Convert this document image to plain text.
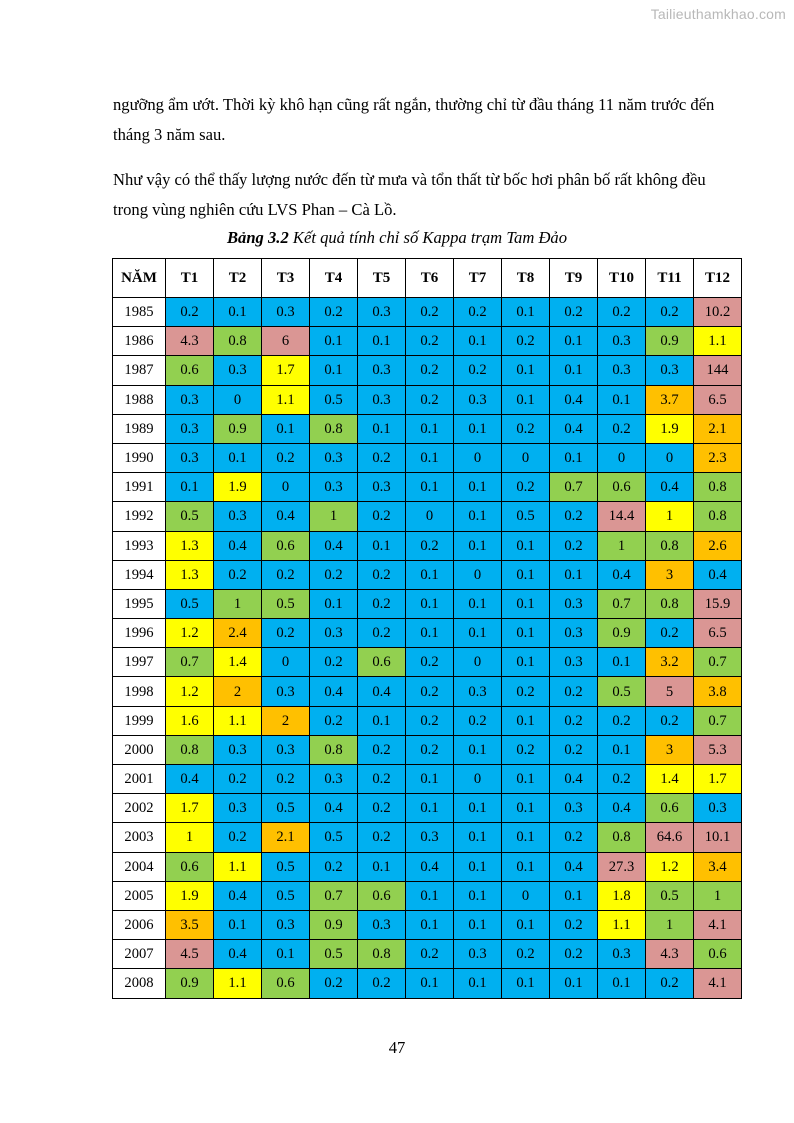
Tailieuthamkhao.com

ngưỡng ẩm ướt. Thời kỳ khô hạn cũng rất ngắn, thường chỉ từ đầu tháng 11 năm trước đến tháng 3 năm sau.

Như vậy có thể thấy lượng nước đến từ mưa và tổn thất từ bốc hơi phân bố rất không đều trong vùng nghiên cứu LVS Phan – Cà Lồ.

Bảng 3.2 Kết quả tính chỉ số Kappa trạm Tam Đảo
NĂM	T1	T2	T3	T4	T5	T6	T7	T8	T9	T10	T11	T12
1985	0.2	0.1	0.3	0.2	0.3	0.2	0.2	0.1	0.2	0.2	0.2	10.2
1986	4.3	0.8	6	0.1	0.1	0.2	0.1	0.2	0.1	0.3	0.9	1.1
1987	0.6	0.3	1.7	0.1	0.3	0.2	0.2	0.1	0.1	0.3	0.3	144
1988	0.3	0	1.1	0.5	0.3	0.2	0.3	0.1	0.4	0.1	3.7	6.5
1989	0.3	0.9	0.1	0.8	0.1	0.1	0.1	0.2	0.4	0.2	1.9	2.1
1990	0.3	0.1	0.2	0.3	0.2	0.1	0	0	0.1	0	0	2.3
1991	0.1	1.9	0	0.3	0.3	0.1	0.1	0.2	0.7	0.6	0.4	0.8
1992	0.5	0.3	0.4	1	0.2	0	0.1	0.5	0.2	14.4	1	0.8
1993	1.3	0.4	0.6	0.4	0.1	0.2	0.1	0.1	0.2	1	0.8	2.6
1994	1.3	0.2	0.2	0.2	0.2	0.1	0	0.1	0.1	0.4	3	0.4
1995	0.5	1	0.5	0.1	0.2	0.1	0.1	0.1	0.3	0.7	0.8	15.9
1996	1.2	2.4	0.2	0.3	0.2	0.1	0.1	0.1	0.3	0.9	0.2	6.5
1997	0.7	1.4	0	0.2	0.6	0.2	0	0.1	0.3	0.1	3.2	0.7
1998	1.2	2	0.3	0.4	0.4	0.2	0.3	0.2	0.2	0.5	5	3.8
1999	1.6	1.1	2	0.2	0.1	0.2	0.2	0.1	0.2	0.2	0.2	0.7
2000	0.8	0.3	0.3	0.8	0.2	0.2	0.1	0.2	0.2	0.1	3	5.3
2001	0.4	0.2	0.2	0.3	0.2	0.1	0	0.1	0.4	0.2	1.4	1.7
2002	1.7	0.3	0.5	0.4	0.2	0.1	0.1	0.1	0.3	0.4	0.6	0.3
2003	1	0.2	2.1	0.5	0.2	0.3	0.1	0.1	0.2	0.8	64.6	10.1
2004	0.6	1.1	0.5	0.2	0.1	0.4	0.1	0.1	0.4	27.3	1.2	3.4
2005	1.9	0.4	0.5	0.7	0.6	0.1	0.1	0	0.1	1.8	0.5	1
2006	3.5	0.1	0.3	0.9	0.3	0.1	0.1	0.1	0.2	1.1	1	4.1
2007	4.5	0.4	0.1	0.5	0.8	0.2	0.3	0.2	0.2	0.3	4.3	0.6
2008	0.9	1.1	0.6	0.2	0.2	0.1	0.1	0.1	0.1	0.1	0.2	4.1
47
